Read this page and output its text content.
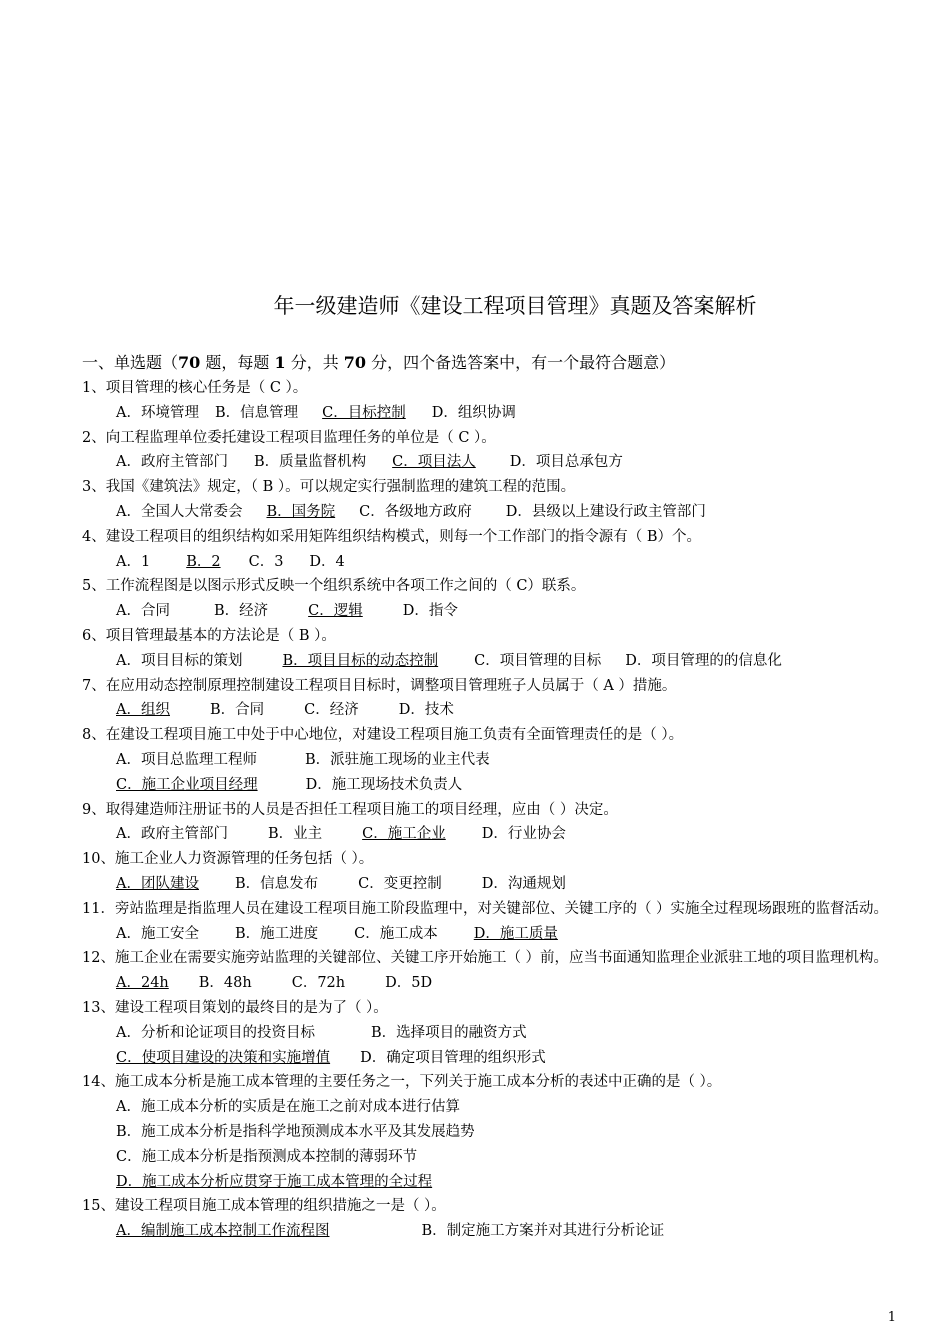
年一级建造师《建设工程项目管理》真题及答案解析
一、单选题（70 题，每题 1 分，共 70 分，四个备选答案中，有一个最符合题意）
1、项目管理的核心任务是（ C ）。
A．环境管理 B．信息管理 C．目标控制 D．组织协调
2、向工程监理单位委托建设工程项目监理任务的单位是（ C ）。
A．政府主管部门 B．质量监督机构 C．项目法人 D．项目总承包方
3、我国《建筑法》规定，（ B ）。可以规定实行强制监理的建筑工程的范围。
A．全国人大常委会 B．国务院 C．各级地方政府 D．县级以上建设行政主管部门
4、建设工程项目的组织结构如采用矩阵组织结构模式，则每一个工作部门的指令源有（ B）个。
A．1 B．2 C．3 D．4
5、工作流程图是以图示形式反映一个组织系统中各项工作之间的（ C）联系。
A．合同	B．经济	C．逻辑	D．指令
6、项目管理最基本的方法论是（ B ）。
A．项目目标的策划	B．项目目标的动态控制 C．项目管理的目标 D．项目管理的的信息化
7、在应用动态控制原理控制建设工程项目目标时，调整项目管理班子人员属于（ A ）措施。
A．组织	B．合同	C．经济	D．技术
8、在建设工程项目施工中处于中心地位，对建设工程项目施工负责有全面管理责任的是（ ）。
A．项目总监理工程师	B．派驻施工现场的业主代表
C．施工企业项目经理	D．施工现场技术负责人
9、取得建造师注册证书的人员是否担任工程项目施工的项目经理，应由（ ）决定。
A．政府主管部门	B．业主	C．施工企业 D．行业协会
10、施工企业人力资源管理的任务包括（ ）。
A．团队建设 B．信息发布	C．变更控制	D．沟通规划
11．旁站监理是指监理人员在建设工程项目施工阶段监理中，对关键部位、关键工序的（ ）实施全过程现场跟班的监督活动。
A．施工安全 B．施工进度 C．施工成本 D．施工质量
12、施工企业在需要实施旁站监理的关键部位、关键工序开始施工（ ）前，应当书面通知监理企业派驻工地的项目监理机构。
A．24h B．48h	C．72h	D．5D
13、建设工程项目策划的最终目的是为了（ ）。
A．分析和论证项目的投资目标	B．选择项目的融资方式
C．使项目建设的决策和实施增值 D．确定项目管理的组织形式
14、施工成本分析是施工成本管理的主要任务之一，下列关于施工成本分析的表述中正确的是（ ）。
A．施工成本分析的实质是在施工之前对成本进行估算
B．施工成本分析是指科学地预测成本水平及其发展趋势
C．施工成本分析是指预测成本控制的薄弱环节
D．施工成本分析应贯穿于施工成本管理的全过程
15、建设工程项目施工成本管理的组织措施之一是（ ）。
A．编制施工成本控制工作流程图	B．制定施工方案并对其进行分析论证
1
